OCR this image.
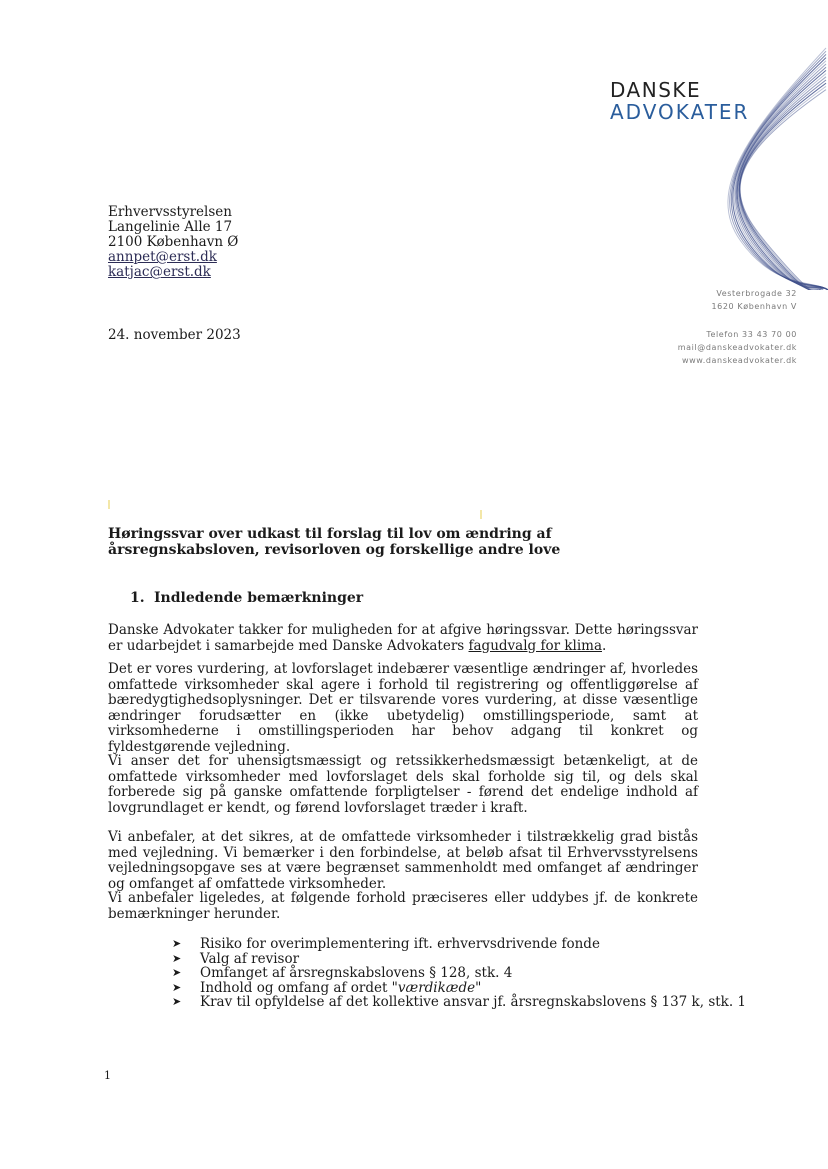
DANSKE
ADVOKATER
Erhvervsstyrelsen
Langelinie Alle 17
2100 København Ø
annpet@erst.dk
katjac@erst.dk
Vesterbrogade 32
1620 København V
Telefon 33 43 70 00
mail@danskeadvokater.dk
www.danskeadvokater.dk
24. november 2023
Høringssvar over udkast til forslag til lov om ændring af årsregnskabsloven, revisorloven og forskellige andre love
1. Indledende bemærkninger
Danske Advokater takker for muligheden for at afgive høringssvar. Dette høringssvar er udarbejdet i samarbejde med Danske Advokaters fagudvalg for klima.
Det er vores vurdering, at lovforslaget indebærer væsentlige ændringer af, hvorledes omfattede virksomheder skal agere i forhold til registrering og offentliggørelse af bæredygtighedsoplysninger. Det er tilsvarende vores vurdering, at disse væsentlige ændringer forudsætter en (ikke ubetydelig) omstillingsperiode, samt at virksomhederne i omstillingsperioden har behov adgang til konkret og fyldestgørende vejledning.
Vi anser det for uhensigtsmæssigt og retssikkerhedsmæssigt betænkeligt, at de omfattede virksomheder med lovforslaget dels skal forholde sig til, og dels skal forberede sig på ganske omfattende forpligtelser - førend det endelige indhold af lovgrundlaget er kendt, og førend lovforslaget træder i kraft.
Vi anbefaler, at det sikres, at de omfattede virksomheder i tilstrækkelig grad bistås med vejledning. Vi bemærker i den forbindelse, at beløb afsat til Erhvervsstyrelsens vejledningsopgave ses at være begrænset sammenholdt med omfanget af ændringer og omfanget af omfattede virksomheder.
Vi anbefaler ligeledes, at følgende forhold præciseres eller uddybes jf. de konkrete bemærkninger herunder.
➤ Risiko for overimplementering ift. erhvervsdrivende fonde
➤ Valg af revisor
➤ Omfanget af årsregnskabslovens § 128, stk. 4
➤ Indhold og omfang af ordet "værdikæde"
➤ Krav til opfyldelse af det kollektive ansvar jf. årsregnskabslovens § 137 k, stk. 1
1
